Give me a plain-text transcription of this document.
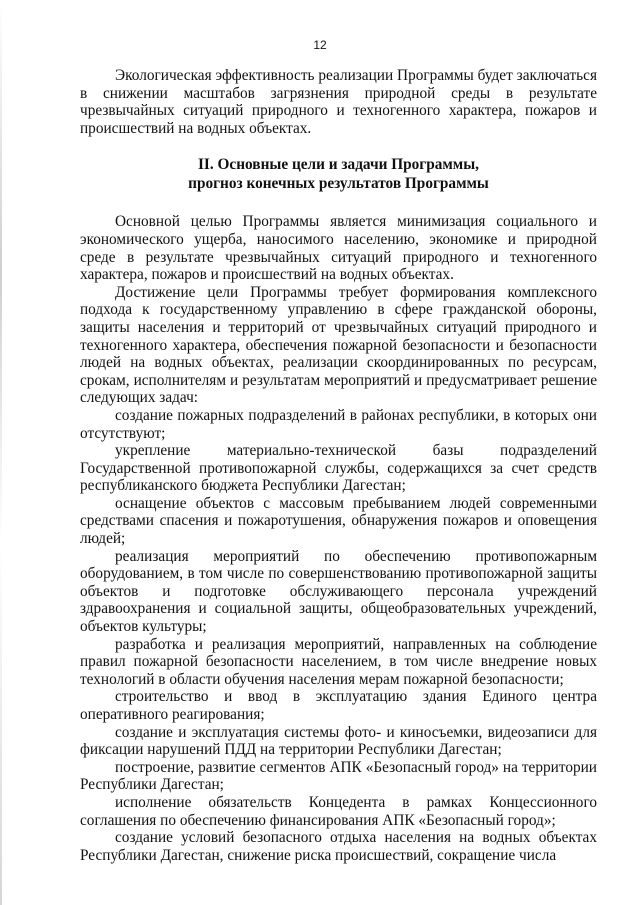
12

Экологическая эффективность реализации Программы будет заключаться в снижении масштабов загрязнения природной среды в результате чрезвычайных ситуаций природного и техногенного характера, пожаров и происшествий на водных объектах.

II. Основные цели и задачи Программы,
прогноз конечных результатов Программы

Основной целью Программы является минимизация социального и экономического ущерба, наносимого населению, экономике и природной среде в результате чрезвычайных ситуаций природного и техногенного характера, пожаров и происшествий на водных объектах.

Достижение цели Программы требует формирования комплексного подхода к государственному управлению в сфере гражданской обороны, защиты населения и территорий от чрезвычайных ситуаций природного и техногенного характера, обеспечения пожарной безопасности и безопасности людей на водных объектах, реализации скоординированных по ресурсам, срокам, исполнителям и результатам мероприятий и предусматривает решение следующих задач:

создание пожарных подразделений в районах республики, в которых они отсутствуют;

укрепление материально-технической базы подразделений Государственной противопожарной службы, содержащихся за счет средств республиканского бюджета Республики Дагестан;

оснащение объектов с массовым пребыванием людей современными средствами спасения и пожаротушения, обнаружения пожаров и оповещения людей;

реализация мероприятий по обеспечению противопожарным оборудованием, в том числе по совершенствованию противопожарной защиты объектов и подготовке обслуживающего персонала учреждений здравоохранения и социальной защиты, общеобразовательных учреждений, объектов культуры;

разработка и реализация мероприятий, направленных на соблюдение правил пожарной безопасности населением, в том числе внедрение новых технологий в области обучения населения мерам пожарной безопасности;

строительство и ввод в эксплуатацию здания Единого центра оперативного реагирования;

создание и эксплуатация системы фото- и киносъемки, видеозаписи для фиксации нарушений ПДД на территории Республики Дагестан;

построение, развитие сегментов АПК «Безопасный город» на территории Республики Дагестан;

исполнение обязательств Концедента в рамках Концессионного соглашения по обеспечению финансирования АПК «Безопасный город»;

создание условий безопасного отдыха населения на водных объектах Республики Дагестан, снижение риска происшествий, сокращение числа
